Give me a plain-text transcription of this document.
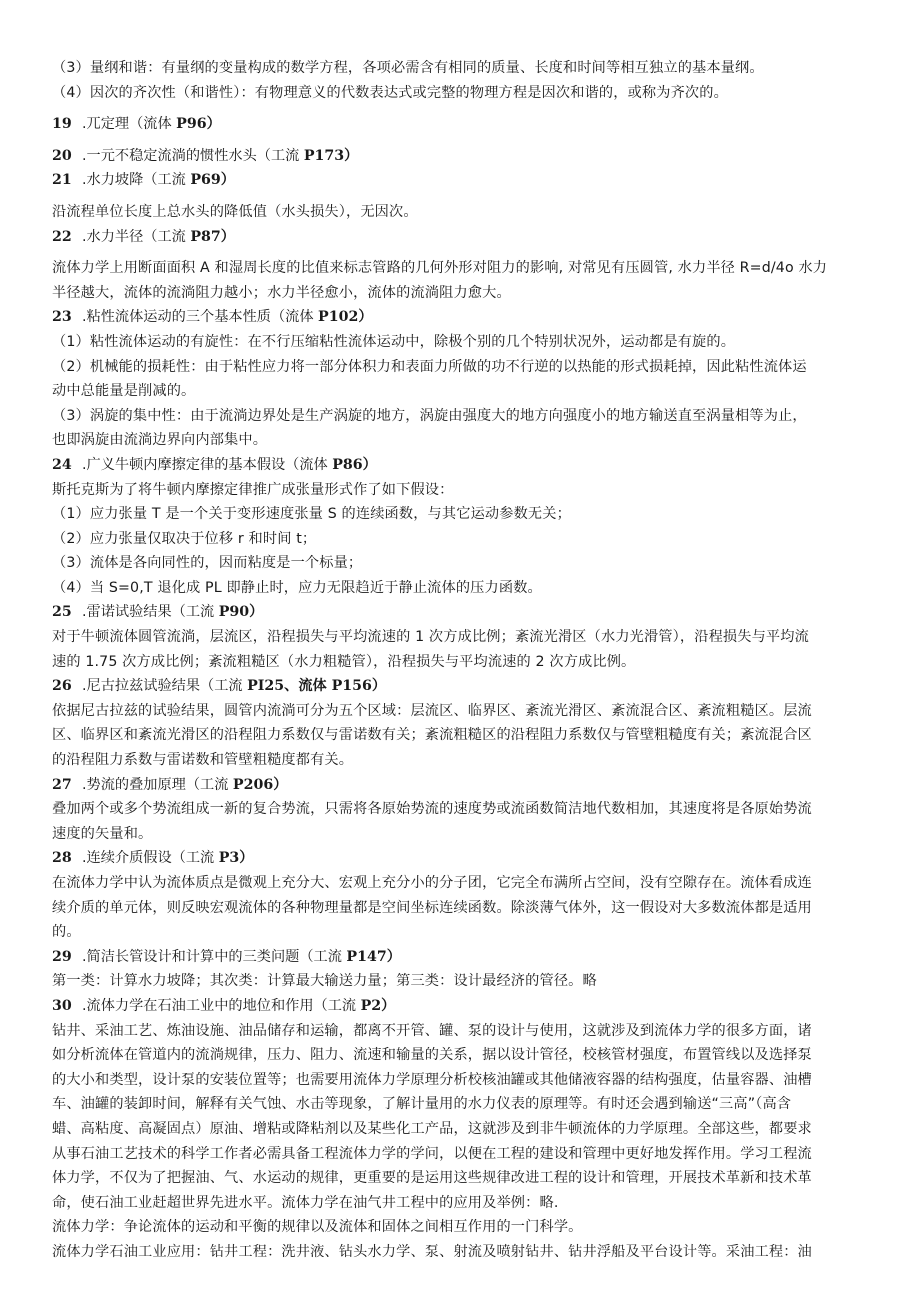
（3）量纲和谐：有量纲的变量构成的数学方程，各项必需含有相同的质量、长度和时间等相互独立的基本量纲。
（4）因次的齐次性（和谐性）：有物理意义的代数表达式或完整的物理方程是因次和谐的，或称为齐次的。
19 .兀定理（流体 P96）
20 .一元不稳定流淌的惯性水头（工流 P173）
21 .水力坡降（工流 P69）
沿流程单位长度上总水头的降低值（水头损失），无因次。
22 .水力半径（工流 P87）
流体力学上用断面面积 A 和湿周长度的比值来标志管路的几何外形对阻力的影响, 对常见有压圆管, 水力半径 R=d/4o 水力
半径越大，流体的流淌阻力越小；水力半径愈小，流体的流淌阻力愈大。
23 .粘性流体运动的三个基本性质（流体 P102）
（1）粘性流体运动的有旋性：在不行压缩粘性流体运动中，除极个别的几个特别状况外，运动都是有旋的。
（2）机械能的损耗性：由于粘性应力将一部分体积力和表面力所做的功不行逆的以热能的形式损耗掉，因此粘性流体运
动中总能量是削减的。
（3）涡旋的集中性：由于流淌边界处是生产涡旋的地方，涡旋由强度大的地方向强度小的地方输送直至涡量相等为止，
也即涡旋由流淌边界向内部集中。
24 .广义牛顿内摩擦定律的基本假设（流体 P86）
斯托克斯为了将牛顿内摩擦定律推广成张量形式作了如下假设：
（1）应力张量 T 是一个关于变形速度张量 S 的连续函数，与其它运动参数无关；
（2）应力张量仅取决于位移 r 和时间 t；
（3）流体是各向同性的，因而粘度是一个标量；
（4）当 S=0,T 退化成 PL 即静止时，应力无限趋近于静止流体的压力函数。
25 .雷诺试验结果（工流 P90）
对于牛顿流体圆管流淌，层流区，沿程损失与平均流速的 1 次方成比例；紊流光滑区（水力光滑管），沿程损失与平均流
速的 1.75 次方成比例；紊流粗糙区（水力粗糙管），沿程损失与平均流速的 2 次方成比例。
26 .尼古拉兹试验结果（工流 PI25、流体 P156）
依据尼古拉兹的试验结果，圆管内流淌可分为五个区域：层流区、临界区、紊流光滑区、紊流混合区、紊流粗糙区。层流
区、临界区和紊流光滑区的沿程阻力系数仅与雷诺数有关；紊流粗糙区的沿程阻力系数仅与管壁粗糙度有关；紊流混合区
的沿程阻力系数与雷诺数和管壁粗糙度都有关。
27 .势流的叠加原理（工流 P206）
叠加两个或多个势流组成一新的复合势流，只需将各原始势流的速度势或流函数简洁地代数相加，其速度将是各原始势流
速度的矢量和。
28 .连续介质假设（工流 P3）
在流体力学中认为流体质点是微观上充分大、宏观上充分小的分子团，它完全布满所占空间，没有空隙存在。流体看成连
续介质的单元体，则反映宏观流体的各种物理量都是空间坐标连续函数。除淡薄气体外，这一假设对大多数流体都是适用
的。
29 .简洁长管设计和计算中的三类问题（工流 P147）
第一类：计算水力坡降；其次类：计算最大输送力量；第三类：设计最经济的管径。略
30 .流体力学在石油工业中的地位和作用（工流 P2）
钻井、采油工艺、炼油设施、油品储存和运输，都离不开管、罐、泵的设计与使用，这就涉及到流体力学的很多方面，诸
如分析流体在管道内的流淌规律，压力、阻力、流速和输量的关系，据以设计管径，校核管材强度，布置管线以及选择泵
的大小和类型，设计泵的安装位置等；也需要用流体力学原理分析校核油罐或其他储液容器的结构强度，估量容器、油槽
车、油罐的装卸时间，解释有关气蚀、水击等现象，了解计量用的水力仪表的原理等。有时还会遇到输送“三高”（高含
蜡、高粘度、高凝固点）原油、增粘或降粘剂以及某些化工产品，这就涉及到非牛顿流体的力学原理。全部这些，都要求
从事石油工艺技术的科学工作者必需具备工程流体力学的学问，以便在工程的建设和管理中更好地发挥作用。学习工程流
体力学，不仅为了把握油、气、水运动的规律，更重要的是运用这些规律改进工程的设计和管理，开展技术革新和技术革
命，使石油工业赶超世界先进水平。流体力学在油气井工程中的应用及举例：略.
流体力学：争论流体的运动和平衡的规律以及流体和固体之间相互作用的一门科学。
流体力学石油工业应用：钻井工程：洗井液、钻头水力学、泵、射流及喷射钻井、钻井浮船及平台设计等。采油工程：油
